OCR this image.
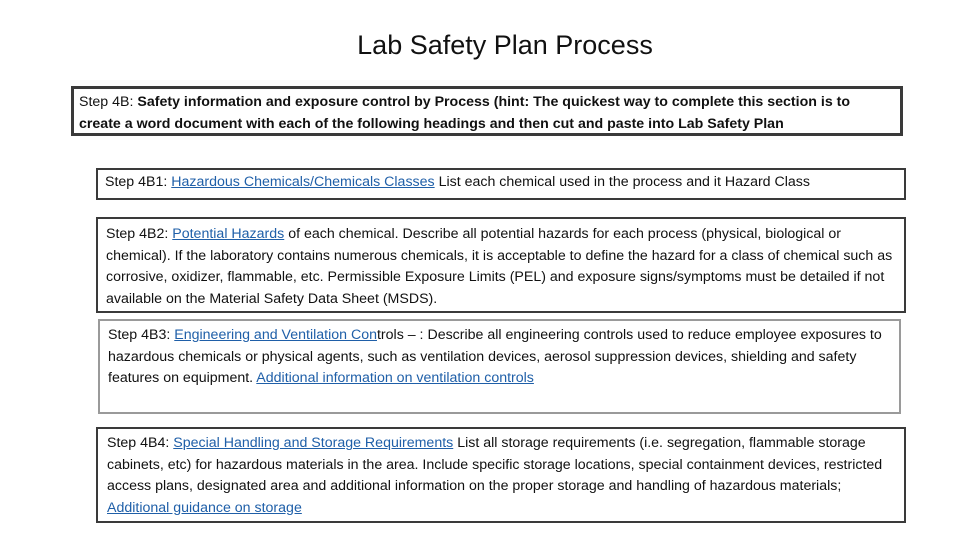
Lab Safety Plan Process
Step 4B: Safety information and exposure control by Process (hint: The quickest way to complete this section is to create a word document with each of the following headings and then cut and paste into Lab Safety Plan
Step 4B1: Hazardous Chemicals/Chemicals Classes List each chemical used in the process and it Hazard Class
Step 4B2: Potential Hazards of each chemical. Describe all potential hazards for each process (physical, biological or chemical). If the laboratory contains numerous chemicals, it is acceptable to define the hazard for a class of chemical such as corrosive, oxidizer, flammable, etc. Permissible Exposure Limits (PEL) and exposure signs/symptoms must be detailed if not available on the Material Safety Data Sheet (MSDS).
Step 4B3: Engineering and Ventilation Controls – : Describe all engineering controls used to reduce employee exposures to hazardous chemicals or physical agents, such as ventilation devices, aerosol suppression devices, shielding and safety features on equipment. Additional information on ventilation controls
Step 4B4: Special Handling and Storage Requirements List all storage requirements (i.e. segregation, flammable storage cabinets, etc) for hazardous materials in the area. Include specific storage locations, special containment devices, restricted access plans, designated area and additional information on the proper storage and handling of hazardous materials; Additional guidance on storage
